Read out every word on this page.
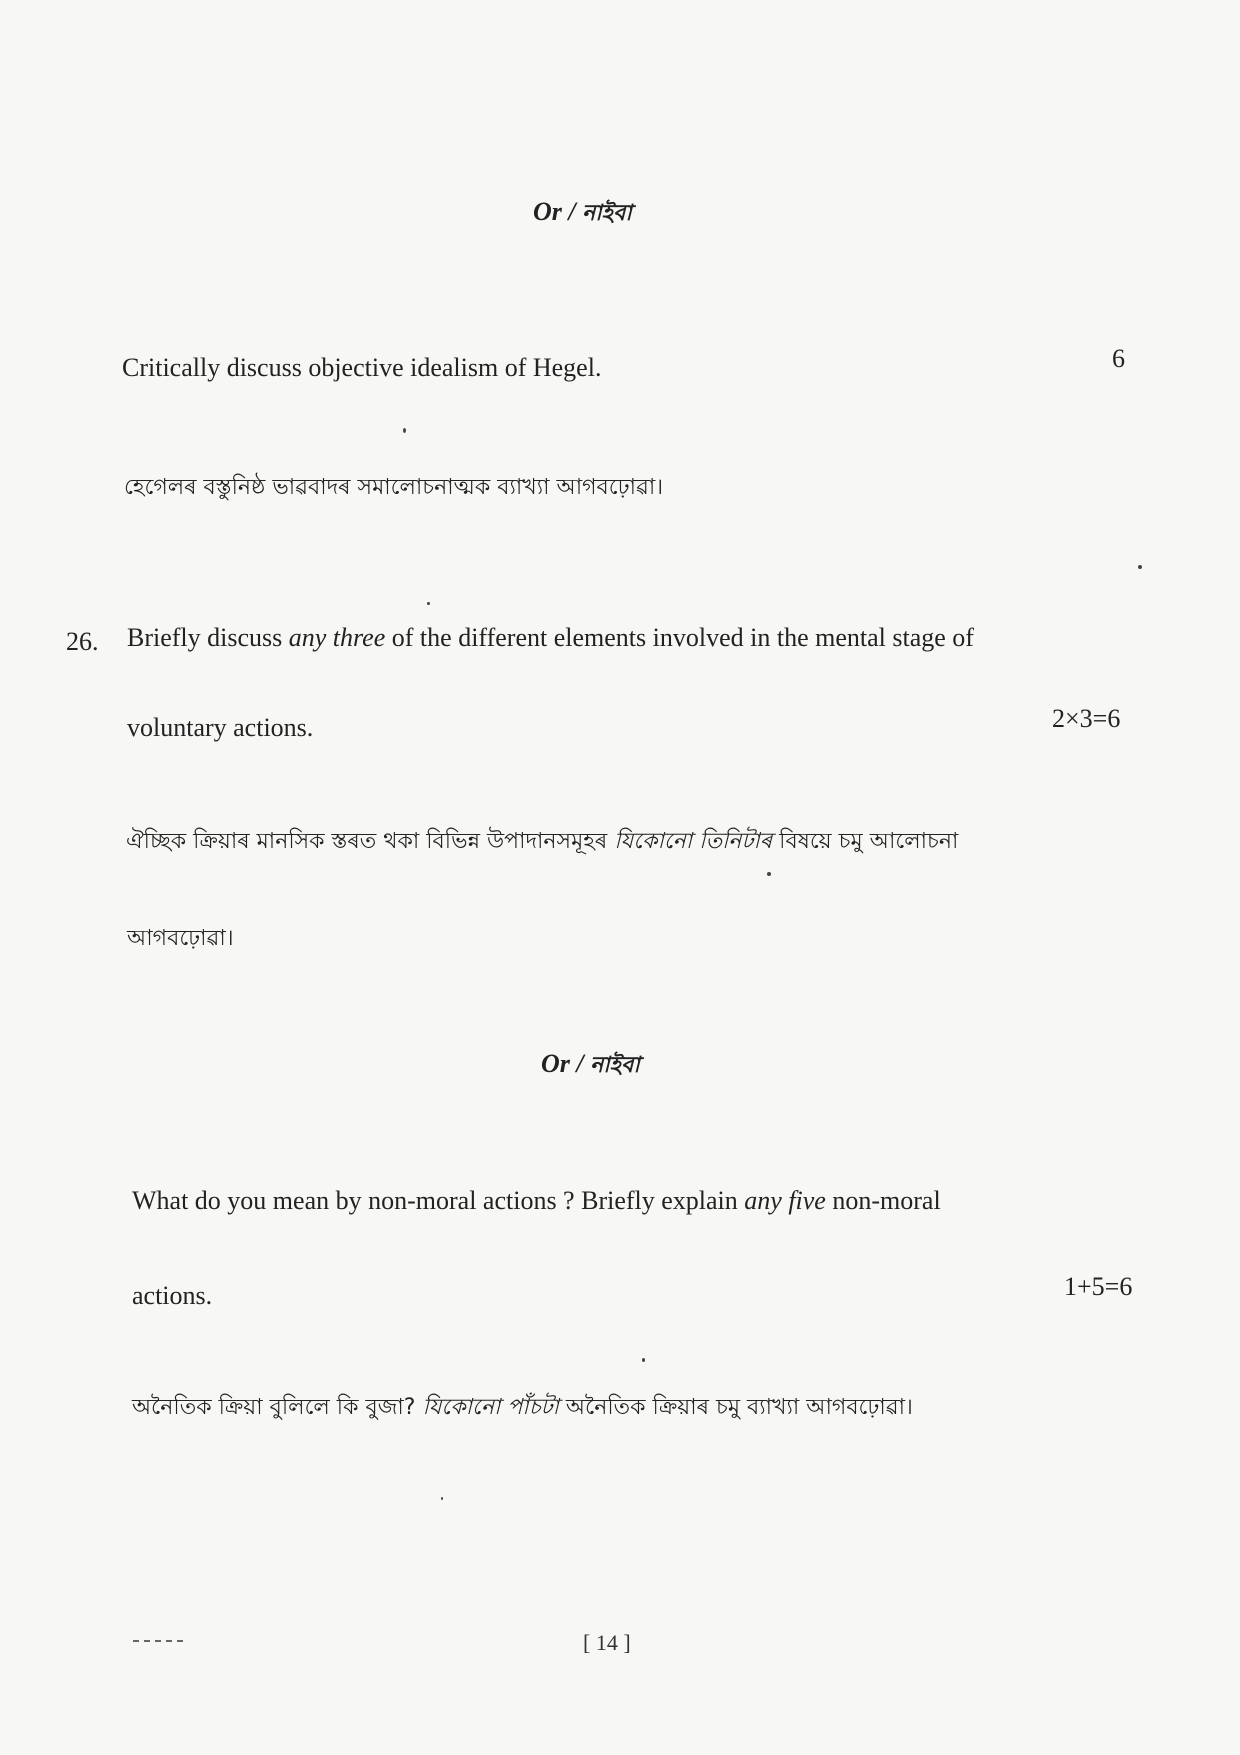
Or / নাইবা
Critically discuss objective idealism of Hegel.	6
হেগেলৰ বস্তুনিষ্ঠ ভাৱবাদৰ সমালোচনাত্মক ব্যাখ্যা আগবঢ়োৱা।
26. Briefly discuss any three of the different elements involved in the mental stage of
voluntary actions.	2×3=6
ঐচ্ছিক ক্রিয়াৰ মানসিক স্তৰত থকা বিভিন্ন উপাদানসমূহৰ যিকোনো তিনিটাৰ বিষয়ে চমু আলোচনা
আগবঢ়োৱা।
Or / নাইবা
What do you mean by non-moral actions ? Briefly explain any five non-moral
actions.	1+5=6
অনৈতিক ক্রিয়া বুলিলে কি বুজা? যিকোনো পাঁচটা অনৈতিক ক্রিয়াৰ চমু ব্যাখ্যা আগবঢ়োৱা।
[ 14 ]
